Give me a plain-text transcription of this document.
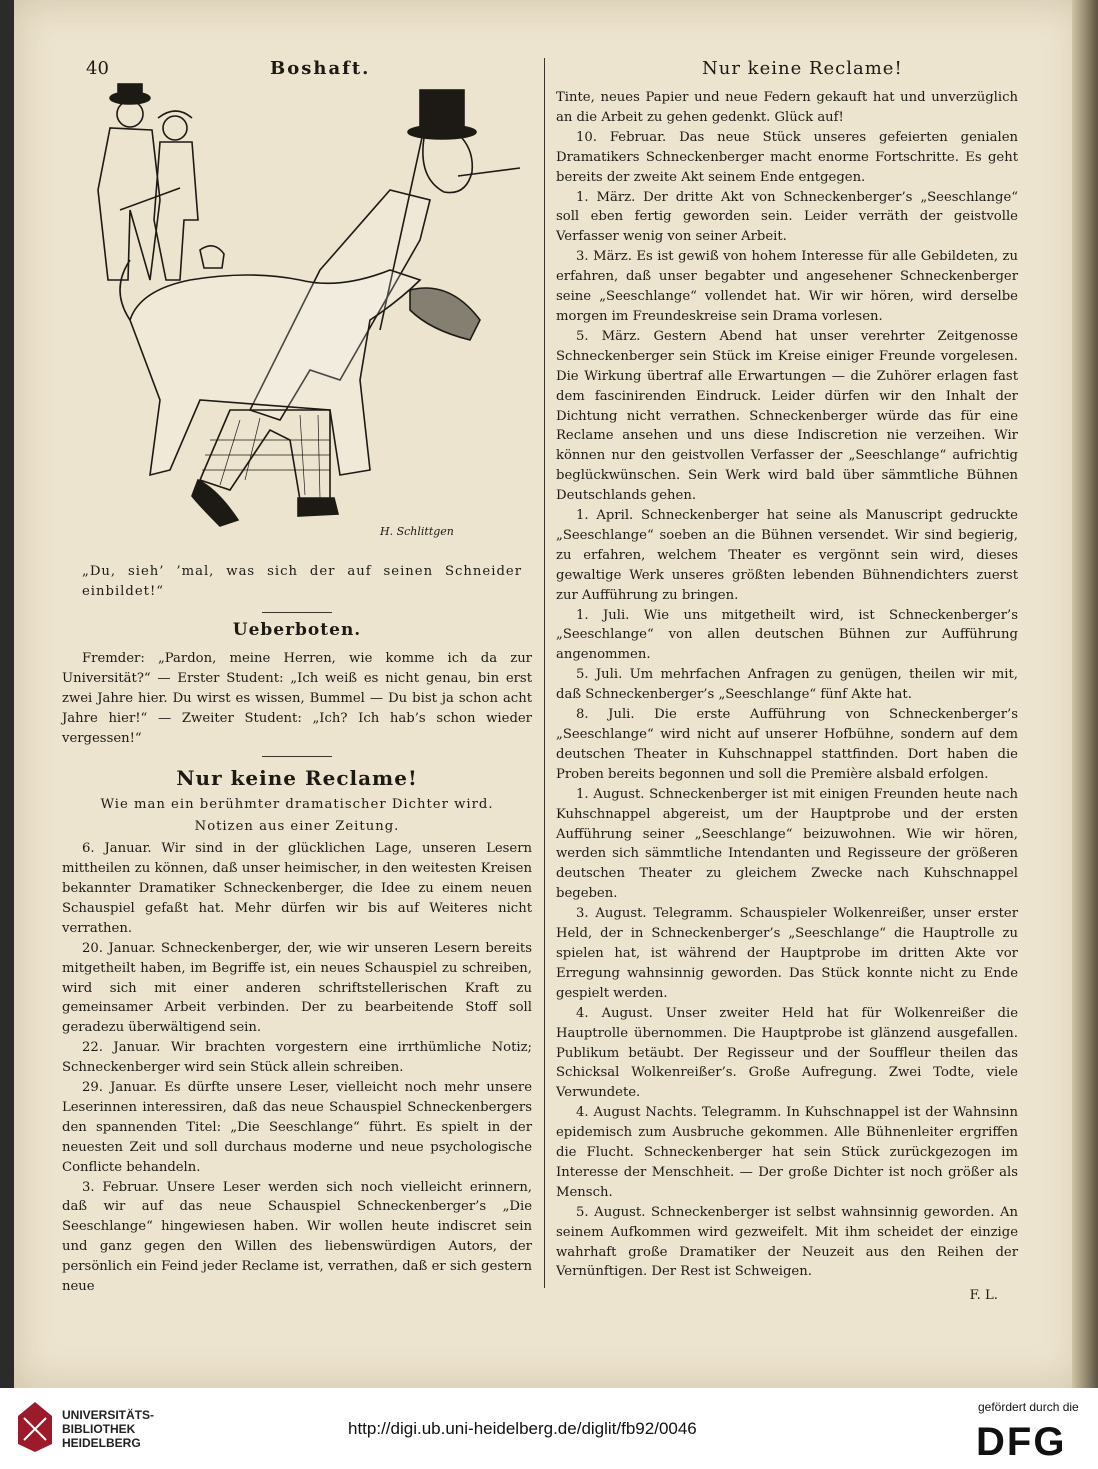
40	Boshaft.	Nur keine Reclame!
H. Schlittgen
„Du, sieh’ ’mal, was sich der auf seinen Schneider einbildet!“
Ueberboten.

Fremder: „Pardon, meine Herren, wie komme ich da zur Universität?“ — Erster Student: „Ich weiß es nicht genau, bin erst zwei Jahre hier. Du wirst es wissen, Bummel — Du bist ja schon acht Jahre hier!“ — Zweiter Student: „Ich? Ich hab’s schon wieder vergessen!“

Nur keine Reclame!
Wie man ein berühmter dramatischer Dichter wird.
Notizen aus einer Zeitung.

6. Januar. Wir sind in der glücklichen Lage, unseren Lesern mittheilen zu können, daß unser heimischer, in den weitesten Kreisen bekannter Dramatiker Schneckenberger, die Idee zu einem neuen Schauspiel gefaßt hat. Mehr dürfen wir bis auf Weiteres nicht verrathen.

20. Januar. Schneckenberger, der, wie wir unseren Lesern bereits mitgetheilt haben, im Begriffe ist, ein neues Schauspiel zu schreiben, wird sich mit einer anderen schriftstellerischen Kraft zu gemeinsamer Arbeit verbinden. Der zu bearbeitende Stoff soll geradezu überwältigend sein.

22. Januar. Wir brachten vorgestern eine irrthümliche Notiz; Schneckenberger wird sein Stück allein schreiben.

29. Januar. Es dürfte unsere Leser, vielleicht noch mehr unsere Leserinnen interessiren, daß das neue Schauspiel Schneckenbergers den spannenden Titel: „Die Seeschlange“ führt. Es spielt in der neuesten Zeit und soll durchaus moderne und neue psychologische Conflicte behandeln.

3. Februar. Unsere Leser werden sich noch vielleicht erinnern, daß wir auf das neue Schauspiel Schneckenberger’s „Die Seeschlange“ hingewiesen haben. Wir wollen heute indiscret sein und ganz gegen den Willen des liebenswürdigen Autors, der persönlich ein Feind jeder Reclame ist, verrathen, daß er sich gestern neue

Tinte, neues Papier und neue Federn gekauft hat und unverzüglich an die Arbeit zu gehen gedenkt. Glück auf!

10. Februar. Das neue Stück unseres gefeierten genialen Dramatikers Schneckenberger macht enorme Fortschritte. Es geht bereits der zweite Akt seinem Ende entgegen.

1. März. Der dritte Akt von Schneckenberger’s „Seeschlange“ soll eben fertig geworden sein. Leider verräth der geistvolle Verfasser wenig von seiner Arbeit.

3. März. Es ist gewiß von hohem Interesse für alle Gebildeten, zu erfahren, daß unser begabter und angesehener Schneckenberger seine „Seeschlange“ vollendet hat. Wir wir hören, wird derselbe morgen im Freundeskreise sein Drama vorlesen.

5. März. Gestern Abend hat unser verehrter Zeitgenosse Schneckenberger sein Stück im Kreise einiger Freunde vorgelesen. Die Wirkung übertraf alle Erwartungen — die Zuhörer erlagen fast dem fascinirenden Eindruck. Leider dürfen wir den Inhalt der Dichtung nicht verrathen. Schneckenberger würde das für eine Reclame ansehen und uns diese Indiscretion nie verzeihen. Wir können nur den geistvollen Verfasser der „Seeschlange“ aufrichtig beglückwünschen. Sein Werk wird bald über sämmtliche Bühnen Deutschlands gehen.

1. April. Schneckenberger hat seine als Manuscript gedruckte „Seeschlange“ soeben an die Bühnen versendet. Wir sind begierig, zu erfahren, welchem Theater es vergönnt sein wird, dieses gewaltige Werk unseres größten lebenden Bühnendichters zuerst zur Aufführung zu bringen.

1. Juli. Wie uns mitgetheilt wird, ist Schneckenberger’s „Seeschlange“ von allen deutschen Bühnen zur Aufführung angenommen.

5. Juli. Um mehrfachen Anfragen zu genügen, theilen wir mit, daß Schneckenberger’s „Seeschlange“ fünf Akte hat.

8. Juli. Die erste Aufführung von Schneckenberger’s „Seeschlange“ wird nicht auf unserer Hofbühne, sondern auf dem deutschen Theater in Kuhschnappel stattfinden. Dort haben die Proben bereits begonnen und soll die Première alsbald erfolgen.

1. August. Schneckenberger ist mit einigen Freunden heute nach Kuhschnappel abgereist, um der Hauptprobe und der ersten Aufführung seiner „Seeschlange“ beizuwohnen. Wie wir hören, werden sich sämmtliche Intendanten und Regisseure der größeren deutschen Theater zu gleichem Zwecke nach Kuhschnappel begeben.

3. August. Telegramm. Schauspieler Wolkenreißer, unser erster Held, der in Schneckenberger’s „Seeschlange“ die Hauptrolle zu spielen hat, ist während der Hauptprobe im dritten Akte vor Erregung wahnsinnig geworden. Das Stück konnte nicht zu Ende gespielt werden.

4. August. Unser zweiter Held hat für Wolkenreißer die Hauptrolle übernommen. Die Hauptprobe ist glänzend ausgefallen. Publikum betäubt. Der Regisseur und der Souffleur theilen das Schicksal Wolkenreißer’s. Große Aufregung. Zwei Todte, viele Verwundete.

4. August Nachts. Telegramm. In Kuhschnappel ist der Wahnsinn epidemisch zum Ausbruche gekommen. Alle Bühnenleiter ergriffen die Flucht. Schneckenberger hat sein Stück zurückgezogen im Interesse der Menschheit. — Der große Dichter ist noch größer als Mensch.

5. August. Schneckenberger ist selbst wahnsinnig geworden. An seinem Aufkommen wird gezweifelt. Mit ihm scheidet der einzige wahrhaft große Dramatiker der Neuzeit aus den Reihen der Vernünftigen. Der Rest ist Schweigen.

F. L.
UNIVERSITÄTS-
BIBLIOTHEK
HEIDELBERG
http://digi.ub.uni-heidelberg.de/diglit/fb92/0046
gefördert durch die
DFG
